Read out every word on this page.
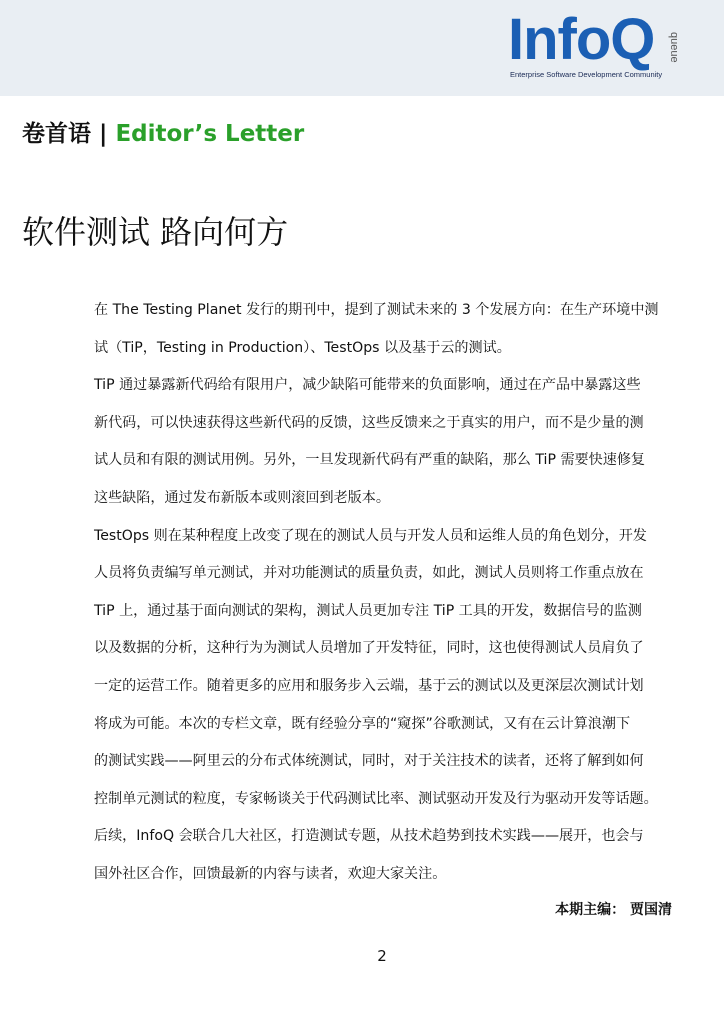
InfoQ queue
Enterprise Software Development Community
卷首语 | Editor’s Letter
软件测试 路向何方
在 The Testing Planet 发行的期刊中，提到了测试未来的 3 个发展方向：在生产环境中测
试（TiP，Testing in Production）、TestOps 以及基于云的测试。
TiP 通过暴露新代码给有限用户，减少缺陷可能带来的负面影响，通过在产品中暴露这些
新代码，可以快速获得这些新代码的反馈，这些反馈来之于真实的用户，而不是少量的测
试人员和有限的测试用例。另外，一旦发现新代码有严重的缺陷，那么 TiP 需要快速修复
这些缺陷，通过发布新版本或则滚回到老版本。
TestOps 则在某种程度上改变了现在的测试人员与开发人员和运维人员的角色划分，开发
人员将负责编写单元测试，并对功能测试的质量负责，如此，测试人员则将工作重点放在
TiP 上，通过基于面向测试的架构，测试人员更加专注 TiP 工具的开发，数据信号的监测
以及数据的分析，这种行为为测试人员增加了开发特征，同时，这也使得测试人员肩负了
一定的运营工作。随着更多的应用和服务步入云端，基于云的测试以及更深层次测试计划
将成为可能。本次的专栏文章，既有经验分享的“窥探”谷歌测试，又有在云计算浪潮下
的测试实践——阿里云的分布式体统测试，同时，对于关注技术的读者，还将了解到如何
控制单元测试的粒度，专家畅谈关于代码测试比率、测试驱动开发及行为驱动开发等话题。
后续，InfoQ 会联合几大社区，打造测试专题，从技术趋势到技术实践——展开，也会与
国外社区合作，回馈最新的内容与读者，欢迎大家关注。
本期主编： 贾国清
2
